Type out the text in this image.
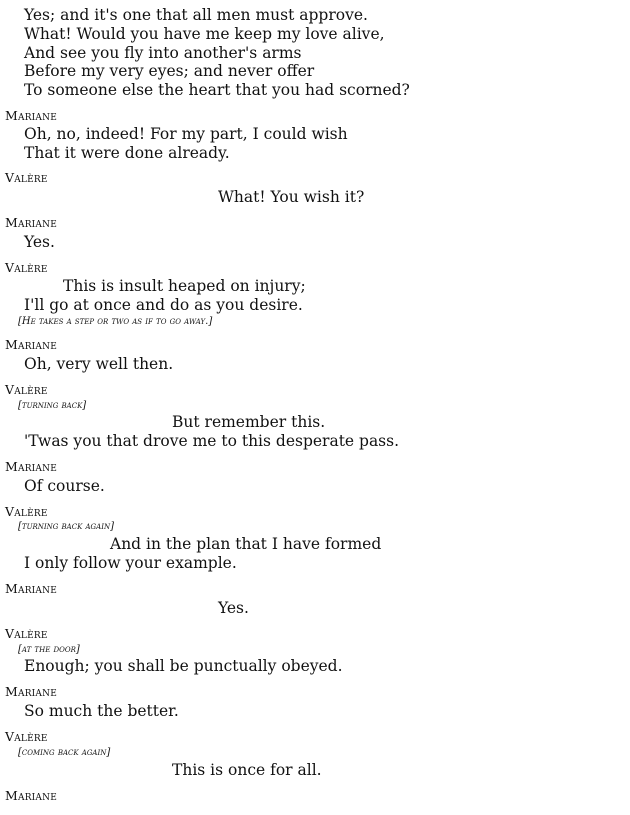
Yes; and it's one that all men must approve.
What! Would you have me keep my love alive,
And see you fly into another's arms
Before my very eyes; and never offer
To someone else the heart that you had scorned?
Mariane
Oh, no, indeed! For my part, I could wish
That it were done already.
Valère
What! You wish it?
Mariane
Yes.
Valère
This is insult heaped on injury;
I'll go at once and do as you desire.
[He takes a step or two as if to go away.]
Mariane
Oh, very well then.
Valère
[turning back]
But remember this.
'Twas you that drove me to this desperate pass.
Mariane
Of course.
Valère
[turning back again]
And in the plan that I have formed
I only follow your example.
Mariane
Yes.
Valère
[at the door]
Enough; you shall be punctually obeyed.
Mariane
So much the better.
Valère
[coming back again]
This is once for all.
Mariane
